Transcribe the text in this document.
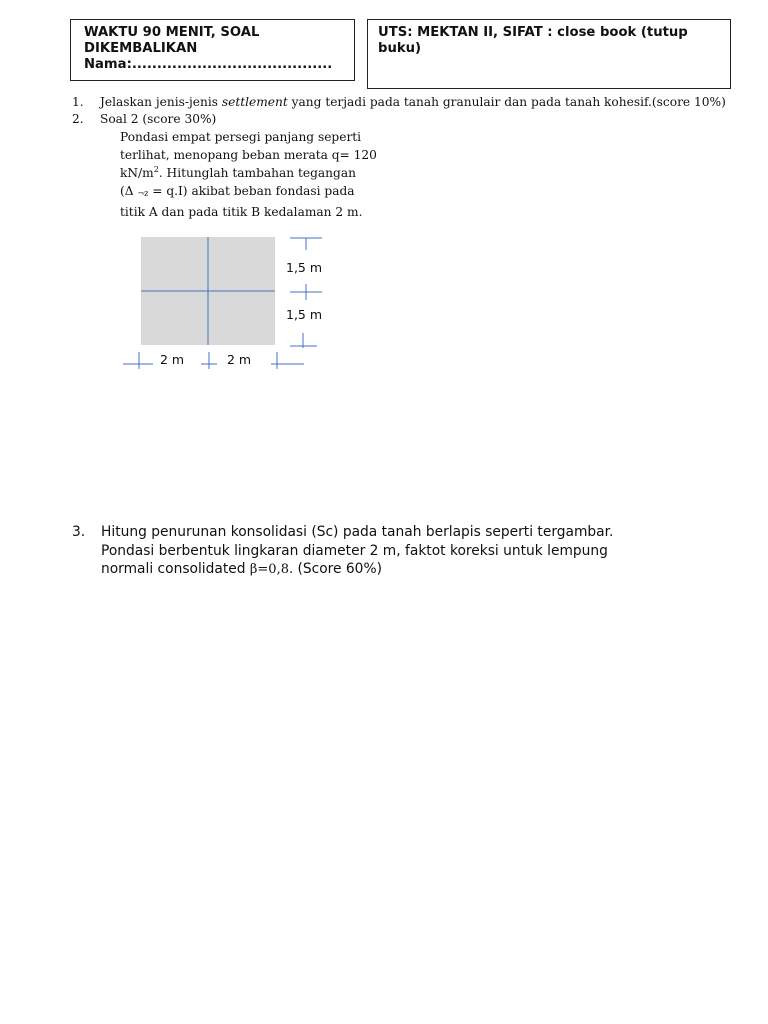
WAKTU 90 MENIT, SOAL
DIKEMBALIKAN
Nama:........................................
UTS: MEKTAN II, SIFAT : close book (tutup
buku)
1. Jelaskan jenis-jenis settlement yang terjadi pada tanah granulair dan pada tanah kohesif.(score 10%)
2. Soal 2 (score 30%)
Pondasi empat persegi panjang seperti
terlihat, menopang beban merata q= 120
$kN/m^2$. Hitunglah tambahan tegangan
(Δ ¬z = q.I) akibat beban fondasi pada
titik A dan pada titik B kedalaman 2 m.
1,5 m
1,5 m
2 m	2 m
3. Hitung penurunan konsolidasi (Sc) pada tanah berlapis seperti tergambar.
Pondasi berbentuk lingkaran diameter 2 m, faktot koreksi untuk lempung
normali consolidated β=0,8. (Score 60%)
